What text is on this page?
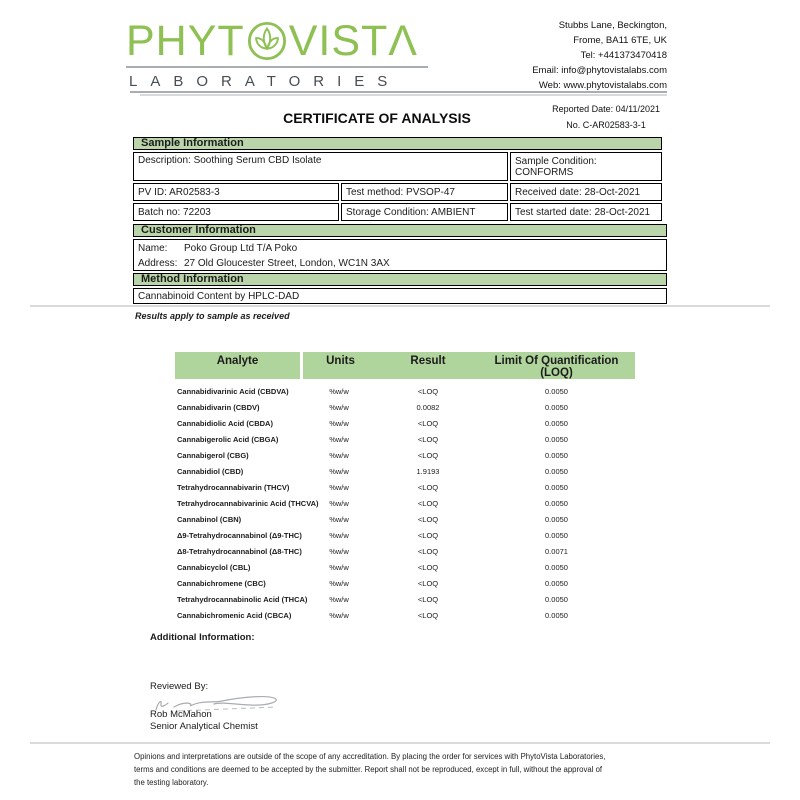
PHYT VISTΛ
LABORATORIES
Stubbs Lane, Beckington,
Frome, BA11 6TE, UK
Tel: +441373470418
Email: info@phytovistalabs.com
Web: www.phytovistalabs.com
CERTIFICATE OF ANALYSIS
Reported Date: 04/11/2021
No. C-AR02583-3-1
Sample Information
Description: Soothing Serum CBD Isolate	Sample Condition: CONFORMS
PV ID: AR02583-3	Test method: PVSOP-47	Received date: 28-Oct-2021
Batch no: 72203	Storage Condition: AMBIENT	Test started date: 28-Oct-2021
Customer Information
Name:	Poko Group Ltd T/A Poko
Address: 27 Old Gloucester Street, London, WC1N 3AX
Method Information
Cannabinoid Content by HPLC-DAD
Results apply to sample as received
Analyte	Units	Result	Limit Of Quantification (LOQ)
Cannabidivarinic Acid (CBDVA)	%w/w	<LOQ	0.0050
Cannabidivarin (CBDV)	%w/w	0.0082	0.0050
Cannabidiolic Acid (CBDA)	%w/w	<LOQ	0.0050
Cannabigerolic Acid (CBGA)	%w/w	<LOQ	0.0050
Cannabigerol (CBG)	%w/w	<LOQ	0.0050
Cannabidiol (CBD)	%w/w	1.9193	0.0050
Tetrahydrocannabivarin (THCV)	%w/w	<LOQ	0.0050
Tetrahydrocannabivarinic Acid (THCVA)	%w/w	<LOQ	0.0050
Cannabinol (CBN)	%w/w	<LOQ	0.0050
Δ9-Tetrahydrocannabinol (Δ9-THC)	%w/w	<LOQ	0.0050
Δ8-Tetrahydrocannabinol (Δ8-THC)	%w/w	<LOQ	0.0071
Cannabicyclol (CBL)	%w/w	<LOQ	0.0050
Cannabichromene (CBC)	%w/w	<LOQ	0.0050
Tetrahydrocannabinolic Acid (THCA)	%w/w	<LOQ	0.0050
Cannabichromenic Acid (CBCA)	%w/w	<LOQ	0.0050
Additional Information:
Reviewed By:
Rob McMahon
Senior Analytical Chemist
Opinions and interpretations are outside of the scope of any accreditation. By placing the order for services with PhytoVista Laboratories,
terms and conditions are deemed to be accepted by the submitter. Report shall not be reproduced, except in full, without the approval of
the testing laboratory.
